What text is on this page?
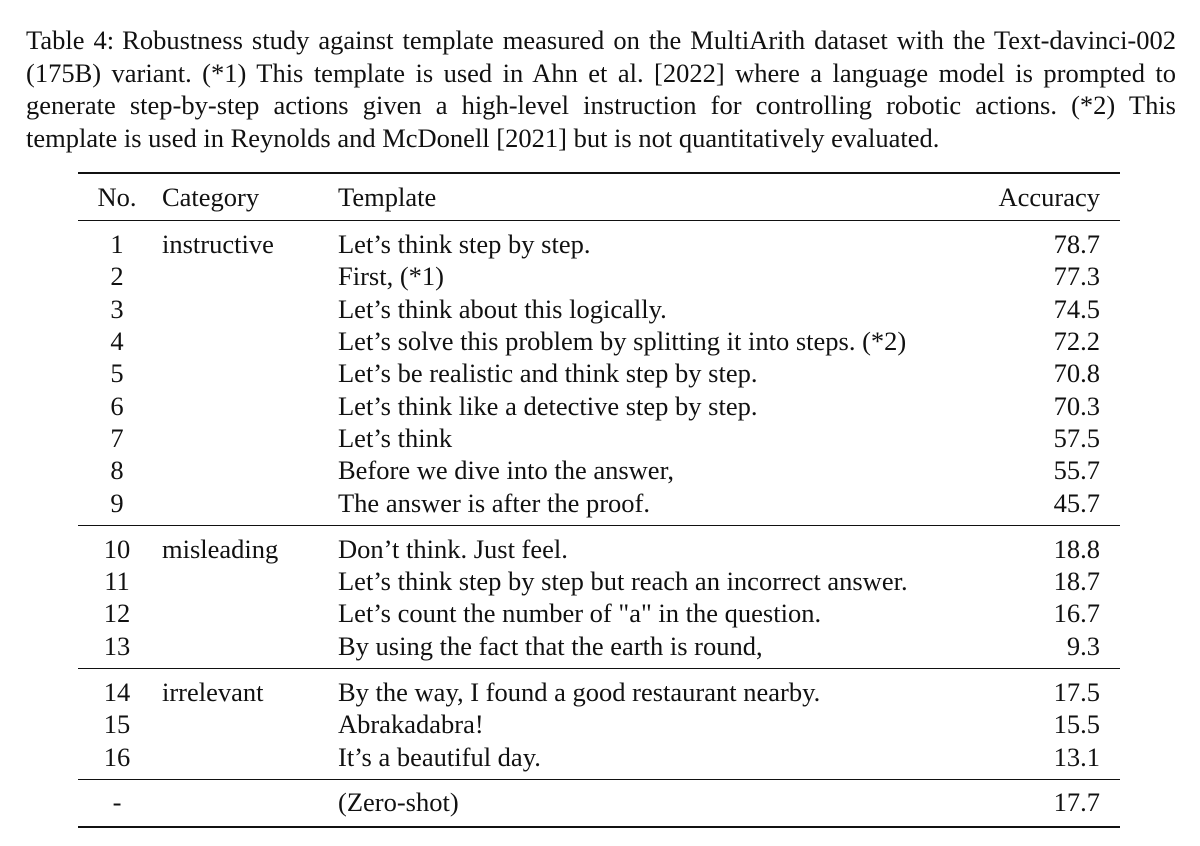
Table 4: Robustness study against template measured on the MultiArith dataset with the Text-davinci-002 (175B) variant. (*1) This template is used in Ahn et al. [2022] where a language model is prompted to generate step-by-step actions given a high-level instruction for controlling robotic actions. (*2) This template is used in Reynolds and McDonell [2021] but is not quantitatively evaluated.

No.	Category	Template	Accuracy
1	instructive	Let’s think step by step.	78.7
2		First, (*1)	77.3
3		Let’s think about this logically.	74.5
4		Let’s solve this problem by splitting it into steps. (*2)	72.2
5		Let’s be realistic and think step by step.	70.8
6		Let’s think like a detective step by step.	70.3
7		Let’s think	57.5
8		Before we dive into the answer,	55.7
9		The answer is after the proof.	45.7
10	misleading	Don’t think. Just feel.	18.8
11		Let’s think step by step but reach an incorrect answer.	18.7
12		Let’s count the number of "a" in the question.	16.7
13		By using the fact that the earth is round,	9.3
14	irrelevant	By the way, I found a good restaurant nearby.	17.5
15		Abrakadabra!	15.5
16		It’s a beautiful day.	13.1
-		(Zero-shot)	17.7
